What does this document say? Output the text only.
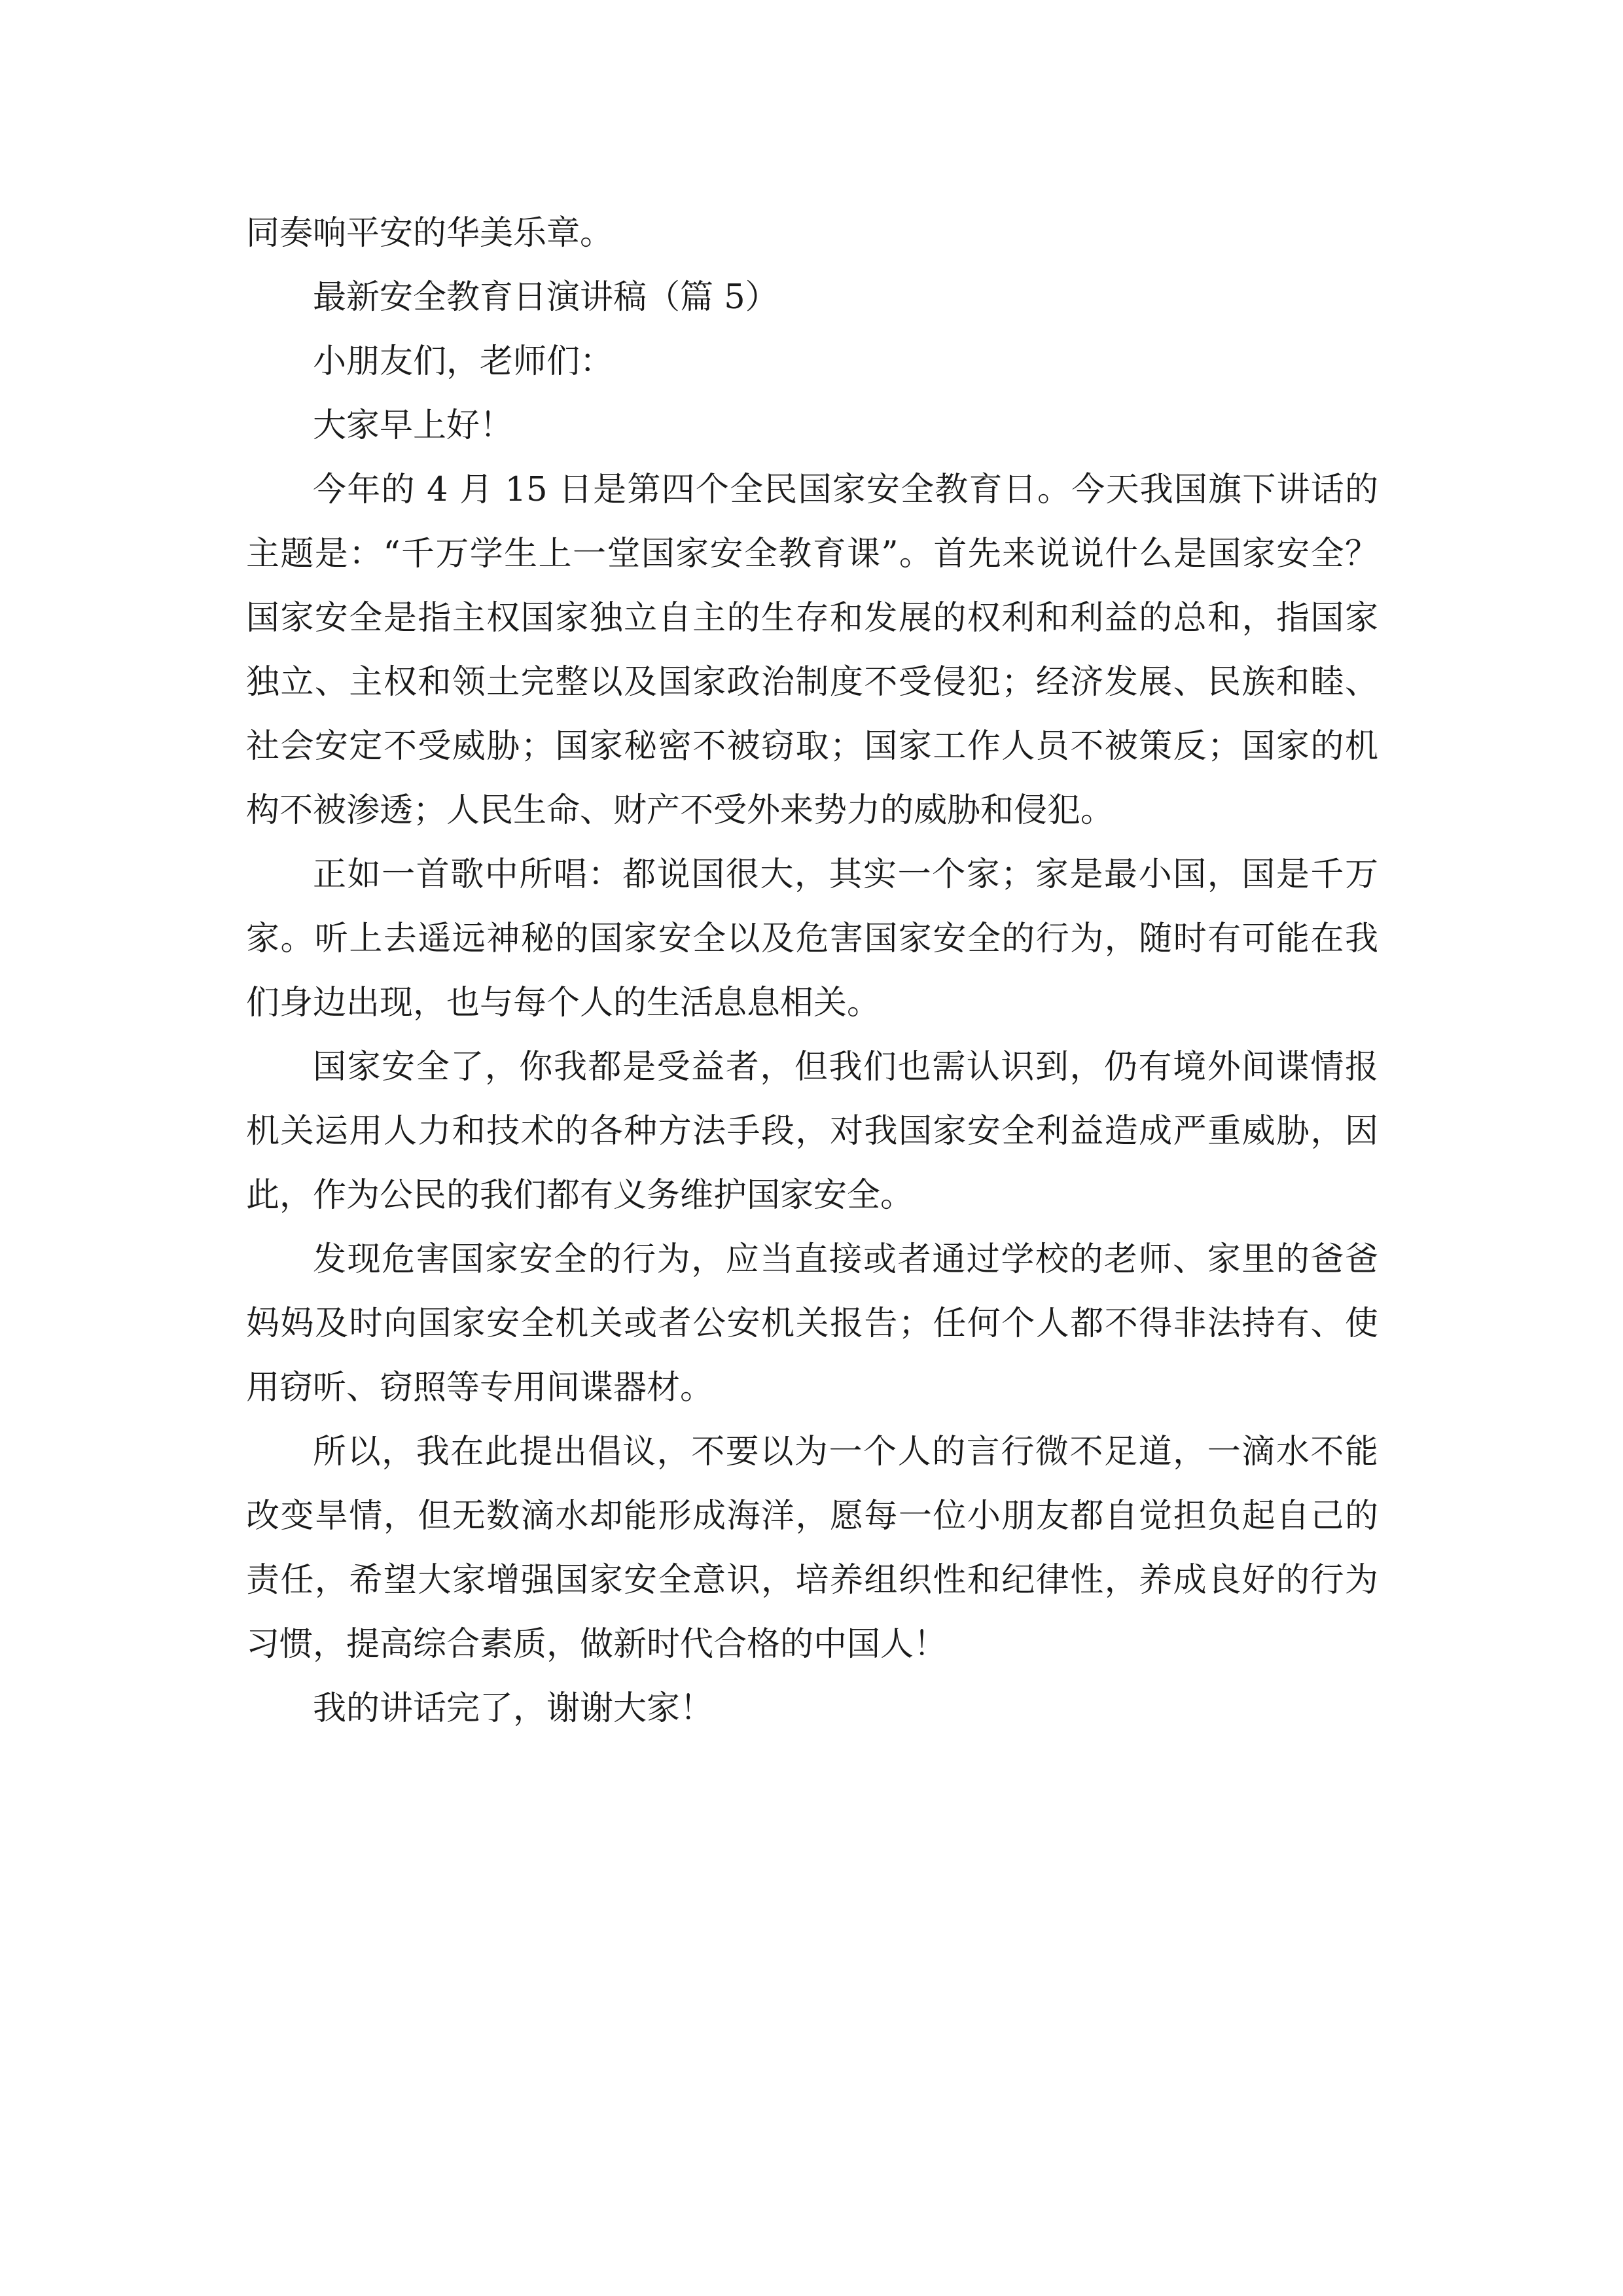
同奏响平安的华美乐章。

最新安全教育日演讲稿（篇 5）

小朋友们，老师们：

大家早上好！

今年的 4 月 15 日是第四个全民国家安全教育日。今天我国旗下讲话的主题是：“千万学生上一堂国家安全教育课”。首先来说说什么是国家安全？国家安全是指主权国家独立自主的生存和发展的权利和利益的总和，指国家独立、主权和领土完整以及国家政治制度不受侵犯；经济发展、民族和睦、社会安定不受威胁；国家秘密不被窃取；国家工作人员不被策反；国家的机构不被渗透；人民生命、财产不受外来势力的威胁和侵犯。

正如一首歌中所唱：都说国很大，其实一个家；家是最小国，国是千万家。听上去遥远神秘的国家安全以及危害国家安全的行为，随时有可能在我们身边出现，也与每个人的生活息息相关。

国家安全了，你我都是受益者，但我们也需认识到，仍有境外间谍情报机关运用人力和技术的各种方法手段，对我国家安全利益造成严重威胁，因此，作为公民的我们都有义务维护国家安全。

发现危害国家安全的行为，应当直接或者通过学校的老师、家里的爸爸妈妈及时向国家安全机关或者公安机关报告；任何个人都不得非法持有、使用窃听、窃照等专用间谍器材。

所以，我在此提出倡议，不要以为一个人的言行微不足道，一滴水不能改变旱情，但无数滴水却能形成海洋，愿每一位小朋友都自觉担负起自己的责任，希望大家增强国家安全意识，培养组织性和纪律性，养成良好的行为习惯，提高综合素质，做新时代合格的中国人！

我的讲话完了，谢谢大家！
